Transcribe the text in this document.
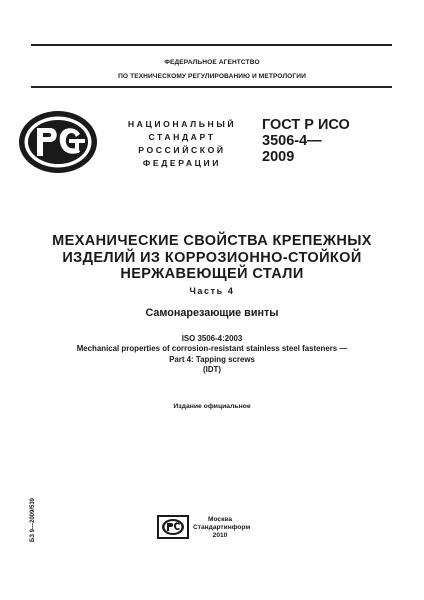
ФЕДЕРАЛЬНОЕ АГЕНТСТВО
ПО ТЕХНИЧЕСКОМУ РЕГУЛИРОВАНИЮ И МЕТРОЛОГИИ
НАЦИОНАЛЬНЫЙ
СТАНДАРТ
РОССИЙСКОЙ
ФЕДЕРАЦИИ
ГОСТ Р ИСО
3506-4—
2009
МЕХАНИЧЕСКИЕ СВОЙСТВА КРЕПЕЖНЫХ
ИЗДЕЛИЙ ИЗ КОРРОЗИОННО-СТОЙКОЙ
НЕРЖАВЕЮЩЕЙ СТАЛИ
Часть 4
Самонарезающие винты
ISO 3506-4:2003
Mechanical properties of corrosion-resistant stainless steel fasteners —
Part 4: Tapping screws
(IDT)
Издание официальное
БЗ 9—2009/539	Москва
Стандартинформ
2010
